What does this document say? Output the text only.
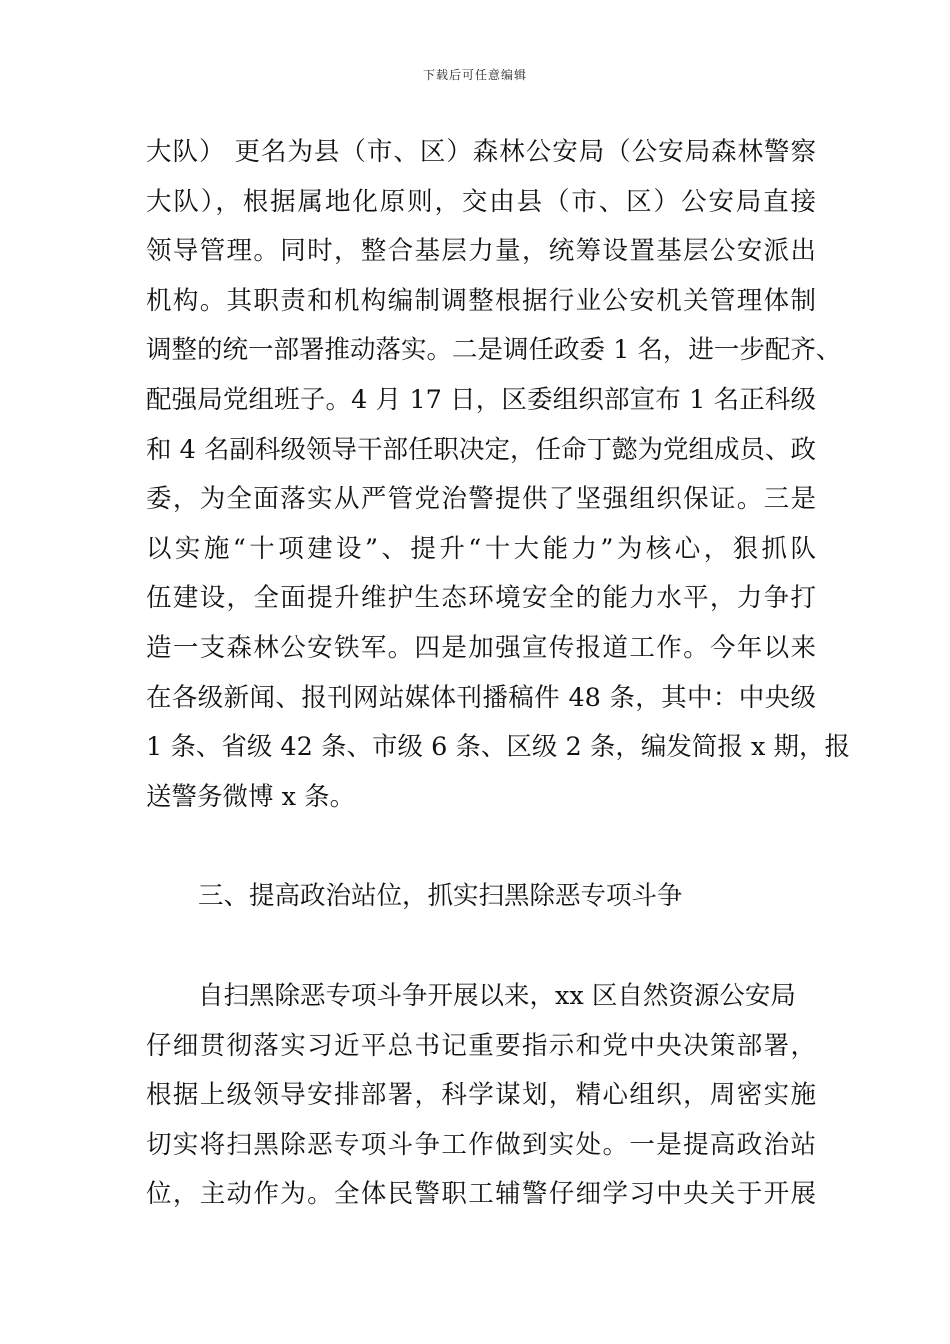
下载后可任意编辑
大队） 更名为县（市、区）森林公安局（公安局森林警察
大队），根据属地化原则，交由县（市、区）公安局直接
领导管理。同时，整合基层力量，统筹设置基层公安派出
机构。其职责和机构编制调整根据行业公安机关管理体制
调整的统一部署推动落实。二是调任政委 1 名，进一步配齐、
配强局党组班子。4 月 17 日，区委组织部宣布 1 名正科级
和 4 名副科级领导干部任职决定，任命丁懿为党组成员、政
委，为全面落实从严管党治警提供了坚强组织保证。三是
以实施“十项建设”、提升“十大能力”为核心，狠抓队
伍建设，全面提升维护生态环境安全的能力水平，力争打
造一支森林公安铁军。四是加强宣传报道工作。今年以来
在各级新闻、报刊网站媒体刊播稿件 48 条，其中：中央级
1 条、省级 42 条、市级 6 条、区级 2 条，编发简报 x 期，报
送警务微博 x 条。
三、提高政治站位，抓实扫黑除恶专项斗争
自扫黑除恶专项斗争开展以来，xx 区自然资源公安局
仔细贯彻落实习近平总书记重要指示和党中央决策部署，
根据上级领导安排部署，科学谋划，精心组织，周密实施
切实将扫黑除恶专项斗争工作做到实处。一是提高政治站
位，主动作为。全体民警职工辅警仔细学习中央关于开展
